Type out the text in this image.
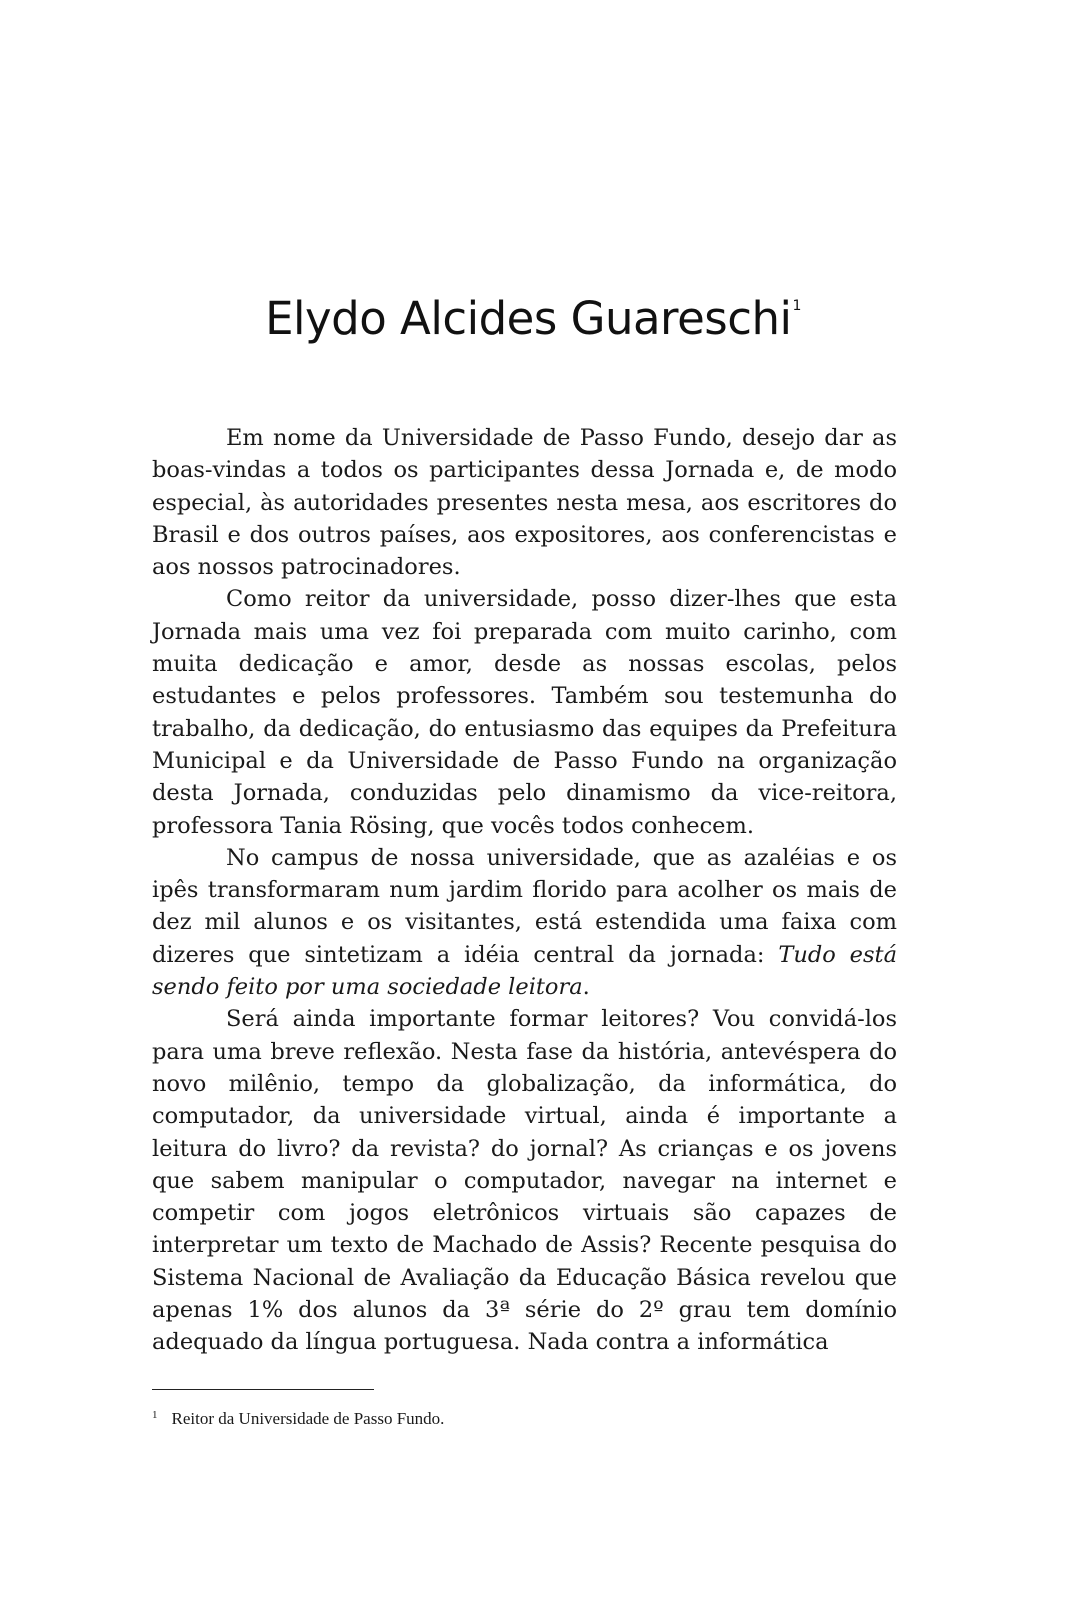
Elydo Alcides Guareschi$^1$

Em nome da Universidade de Passo Fundo, desejo dar as boas-vindas a todos os participantes dessa Jornada e, de modo especial, às autoridades presentes nesta mesa, aos escritores do Brasil e dos outros países, aos expositores, aos conferencistas e aos nossos patrocinadores.

Como reitor da universidade, posso dizer-lhes que esta Jornada mais uma vez foi preparada com muito carinho, com muita dedicação e amor, desde as nossas escolas, pelos estudantes e pelos professores. Também sou testemunha do trabalho, da dedicação, do entusiasmo das equipes da Prefeitura Municipal e da Universidade de Passo Fundo na organização desta Jornada, conduzidas pelo dinamismo da vice-reitora, professora Tania Rösing, que vocês todos conhecem.

No campus de nossa universidade, que as azaléias e os ipês transformaram num jardim florido para acolher os mais de dez mil alunos e os visitantes, está estendida uma faixa com dizeres que sintetizam a idéia central da jornada: Tudo está sendo feito por uma sociedade leitora.

Será ainda importante formar leitores? Vou convidá-los para uma breve reflexão. Nesta fase da história, antevéspera do novo milênio, tempo da globalização, da informática, do computador, da universidade virtual, ainda é importante a leitura do livro? da revista? do jornal? As crianças e os jovens que sabem manipular o computador, navegar na internet e competir com jogos eletrônicos virtuais são capazes de interpretar um texto de Machado de Assis? Recente pesquisa do Sistema Nacional de Avaliação da Educação Básica revelou que apenas 1% dos alunos da 3ª série do 2º grau tem domínio adequado da língua portuguesa. Nada contra a informática

$^1$ Reitor da Universidade de Passo Fundo.
